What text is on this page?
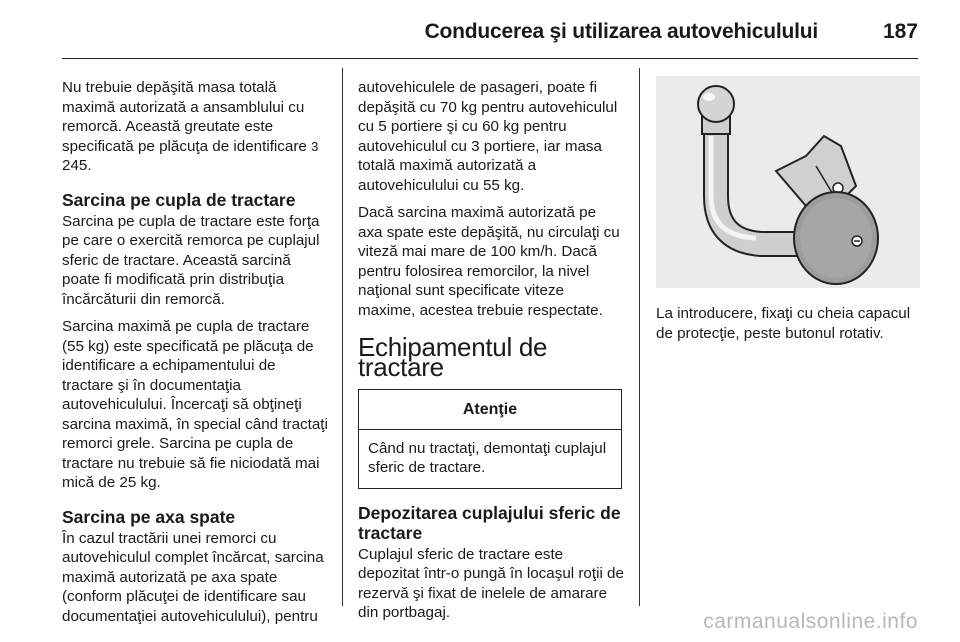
Conducerea şi utilizarea autovehiculului	187

Nu trebuie depăşită masa totală maximă autorizată a ansamblului cu remorcă. Această greutate este specificată pe plăcuţa de identificare 3 245.

Sarcina pe cupla de tractare

Sarcina pe cupla de tractare este forţa pe care o exercită remorca pe cuplajul sferic de tractare. Această sarcină poate fi modificată prin distribuţia încărcăturii din remorcă.

Sarcina maximă pe cupla de tractare (55 kg) este specificată pe plăcuţa de identificare a echipamentului de tractare şi în documentaţia autovehiculului. Încercaţi să obţineţi sarcina maximă, în special când tractaţi remorci grele. Sarcina pe cupla de tractare nu trebuie să fie niciodată mai mică de 25 kg.

Sarcina pe axa spate

În cazul tractării unei remorci cu autovehiculul complet încărcat, sarcina maximă autorizată pe axa spate (conform plăcuţei de identificare sau documentaţiei autovehiculului), pentru

autovehiculele de pasageri, poate fi depăşită cu 70 kg pentru autovehiculul cu 5 portiere şi cu 60 kg pentru autovehiculul cu 3 portiere, iar masa totală maximă autorizată a autovehiculului cu 55 kg.

Dacă sarcina maximă autorizată pe axa spate este depăşită, nu circulaţi cu viteză mai mare de 100 km/h. Dacă pentru folosirea remorcilor, la nivel naţional sunt specificate viteze maxime, acestea trebuie respectate.

Echipamentul de tractare
Atenţie
Când nu tractaţi, demontaţi cuplajul sferic de tractare.
Depozitarea cuplajului sferic de tractare

Cuplajul sferic de tractare este depozitat într-o pungă în locaşul roţii de rezervă şi fixat de inelele de amarare din portbagaj.

La introducere, fixaţi cu cheia capacul de protecţie, peste butonul rotativ.
carmanualsonline.info
